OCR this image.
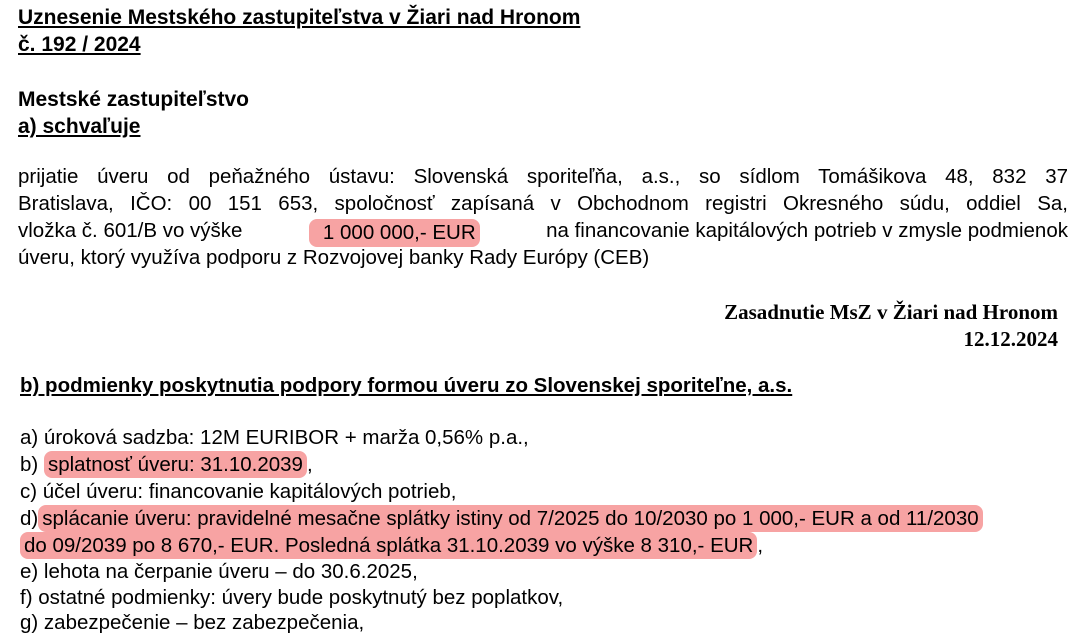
Uznesenie Mestského zastupiteľstva v Žiari nad Hronom
č. 192 / 2024
Mestské zastupiteľstvo
a) schvaľuje
prijatie úveru od peňažného ústavu: Slovenská sporiteľňa, a.s., so sídlom Tomášikova 48, 832 37
Bratislava, IČO: 00 151 653, spoločnosť zapísaná v Obchodnom registri Okresného súdu, oddiel Sa,
vložka č. 601/B vo výške	1 000 000,- EUR	na financovanie kapitálových potrieb v zmysle podmienok
úveru, ktorý využíva podporu z Rozvojovej banky Rady Európy (CEB)
Zasadnutie MsZ v Žiari nad Hronom
12.12.2024
b) podmienky poskytnutia podpory formou úveru zo Slovenskej sporiteľne, a.s.
a) úroková sadzba: 12M EURIBOR + marža 0,56% p.a.,
b) splatnosť úveru: 31.10.2039 ,
c) účel úveru: financovanie kapitálových potrieb,
d) splácanie úveru: pravidelné mesačne splátky istiny od 7/2025 do 10/2030 po 1 000,- EUR a od 11/2030
do 09/2039 po 8 670,- EUR. Posledná splátka 31.10.2039 vo výške 8 310,- EUR ,
e) lehota na čerpanie úveru – do 30.6.2025,
f) ostatné podmienky: úvery bude poskytnutý bez poplatkov,
g) zabezpečenie – bez zabezpečenia,
